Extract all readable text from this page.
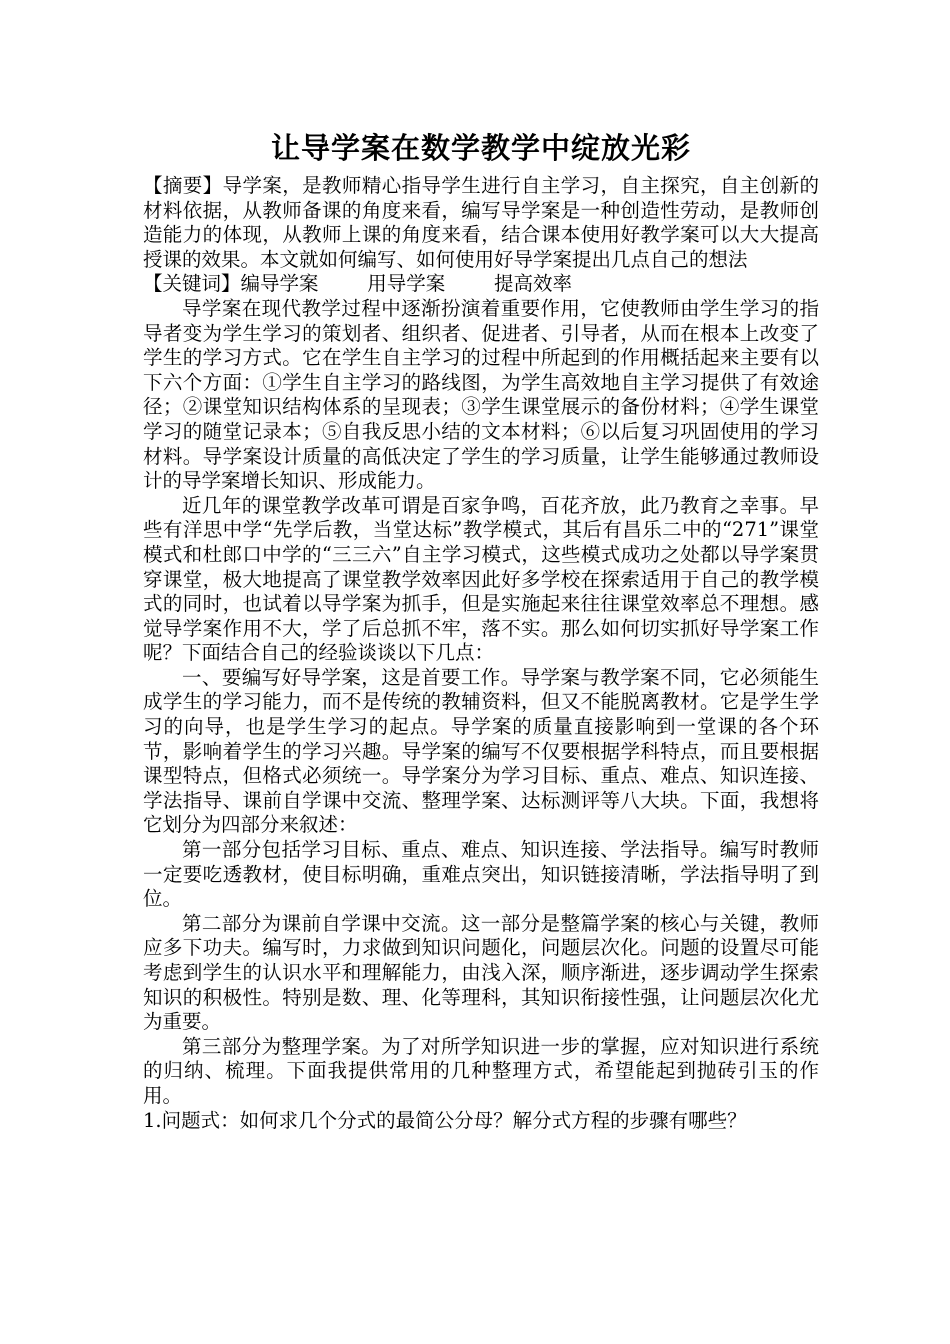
让导学案在数学教学中绽放光彩

【摘要】导学案，是教师精心指导学生进行自主学习，自主探究，自主创新的材料依据，从教师备课的角度来看，编写导学案是一种创造性劳动，是教师创造能力的体现，从教师上课的角度来看，结合课本使用好教学案可以大大提高授课的效果。本文就如何编写、如何使用好导学案提出几点自己的想法

【关键词】编导学案	用导学案	提高效率

导学案在现代教学过程中逐渐扮演着重要作用，它使教师由学生学习的指导者变为学生学习的策划者、组织者、促进者、引导者，从而在根本上改变了学生的学习方式。它在学生自主学习的过程中所起到的作用概括起来主要有以下六个方面：①学生自主学习的路线图，为学生高效地自主学习提供了有效途径；②课堂知识结构体系的呈现表；③学生课堂展示的备份材料；④学生课堂学习的随堂记录本；⑤自我反思小结的文本材料；⑥以后复习巩固使用的学习材料。导学案设计质量的高低决定了学生的学习质量，让学生能够通过教师设计的导学案增长知识、形成能力。

近几年的课堂教学改革可谓是百家争鸣，百花齐放，此乃教育之幸事。早些有洋思中学“先学后教，当堂达标”教学模式，其后有昌乐二中的“271”课堂模式和杜郎口中学的“三三六”自主学习模式，这些模式成功之处都以导学案贯穿课堂，极大地提高了课堂教学效率因此好多学校在探索适用于自己的教学模式的同时，也试着以导学案为抓手，但是实施起来往往课堂效率总不理想。感觉导学案作用不大，学了后总抓不牢，落不实。那么如何切实抓好导学案工作呢？下面结合自己的经验谈谈以下几点：

一、要编写好导学案，这是首要工作。导学案与教学案不同，它必须能生成学生的学习能力，而不是传统的教辅资料，但又不能脱离教材。它是学生学习的向导，也是学生学习的起点。导学案的质量直接影响到一堂课的各个环节，影响着学生的学习兴趣。导学案的编写不仅要根据学科特点，而且要根据课型特点，但格式必须统一。导学案分为学习目标、重点、难点、知识连接、学法指导、课前自学课中交流、整理学案、达标测评等八大块。下面，我想将它划分为四部分来叙述：

第一部分包括学习目标、重点、难点、知识连接、学法指导。编写时教师一定要吃透教材，使目标明确，重难点突出，知识链接清晰，学法指导明了到位。

第二部分为课前自学课中交流。这一部分是整篇学案的核心与关键，教师应多下功夫。编写时，力求做到知识问题化，问题层次化。问题的设置尽可能考虑到学生的认识水平和理解能力，由浅入深，顺序渐进，逐步调动学生探索知识的积极性。特别是数、理、化等理科，其知识衔接性强，让问题层次化尤为重要。

第三部分为整理学案。为了对所学知识进一步的掌握，应对知识进行系统的归纳、梳理。下面我提供常用的几种整理方式，希望能起到抛砖引玉的作用。

1.问题式：如何求几个分式的最简公分母？解分式方程的步骤有哪些？
